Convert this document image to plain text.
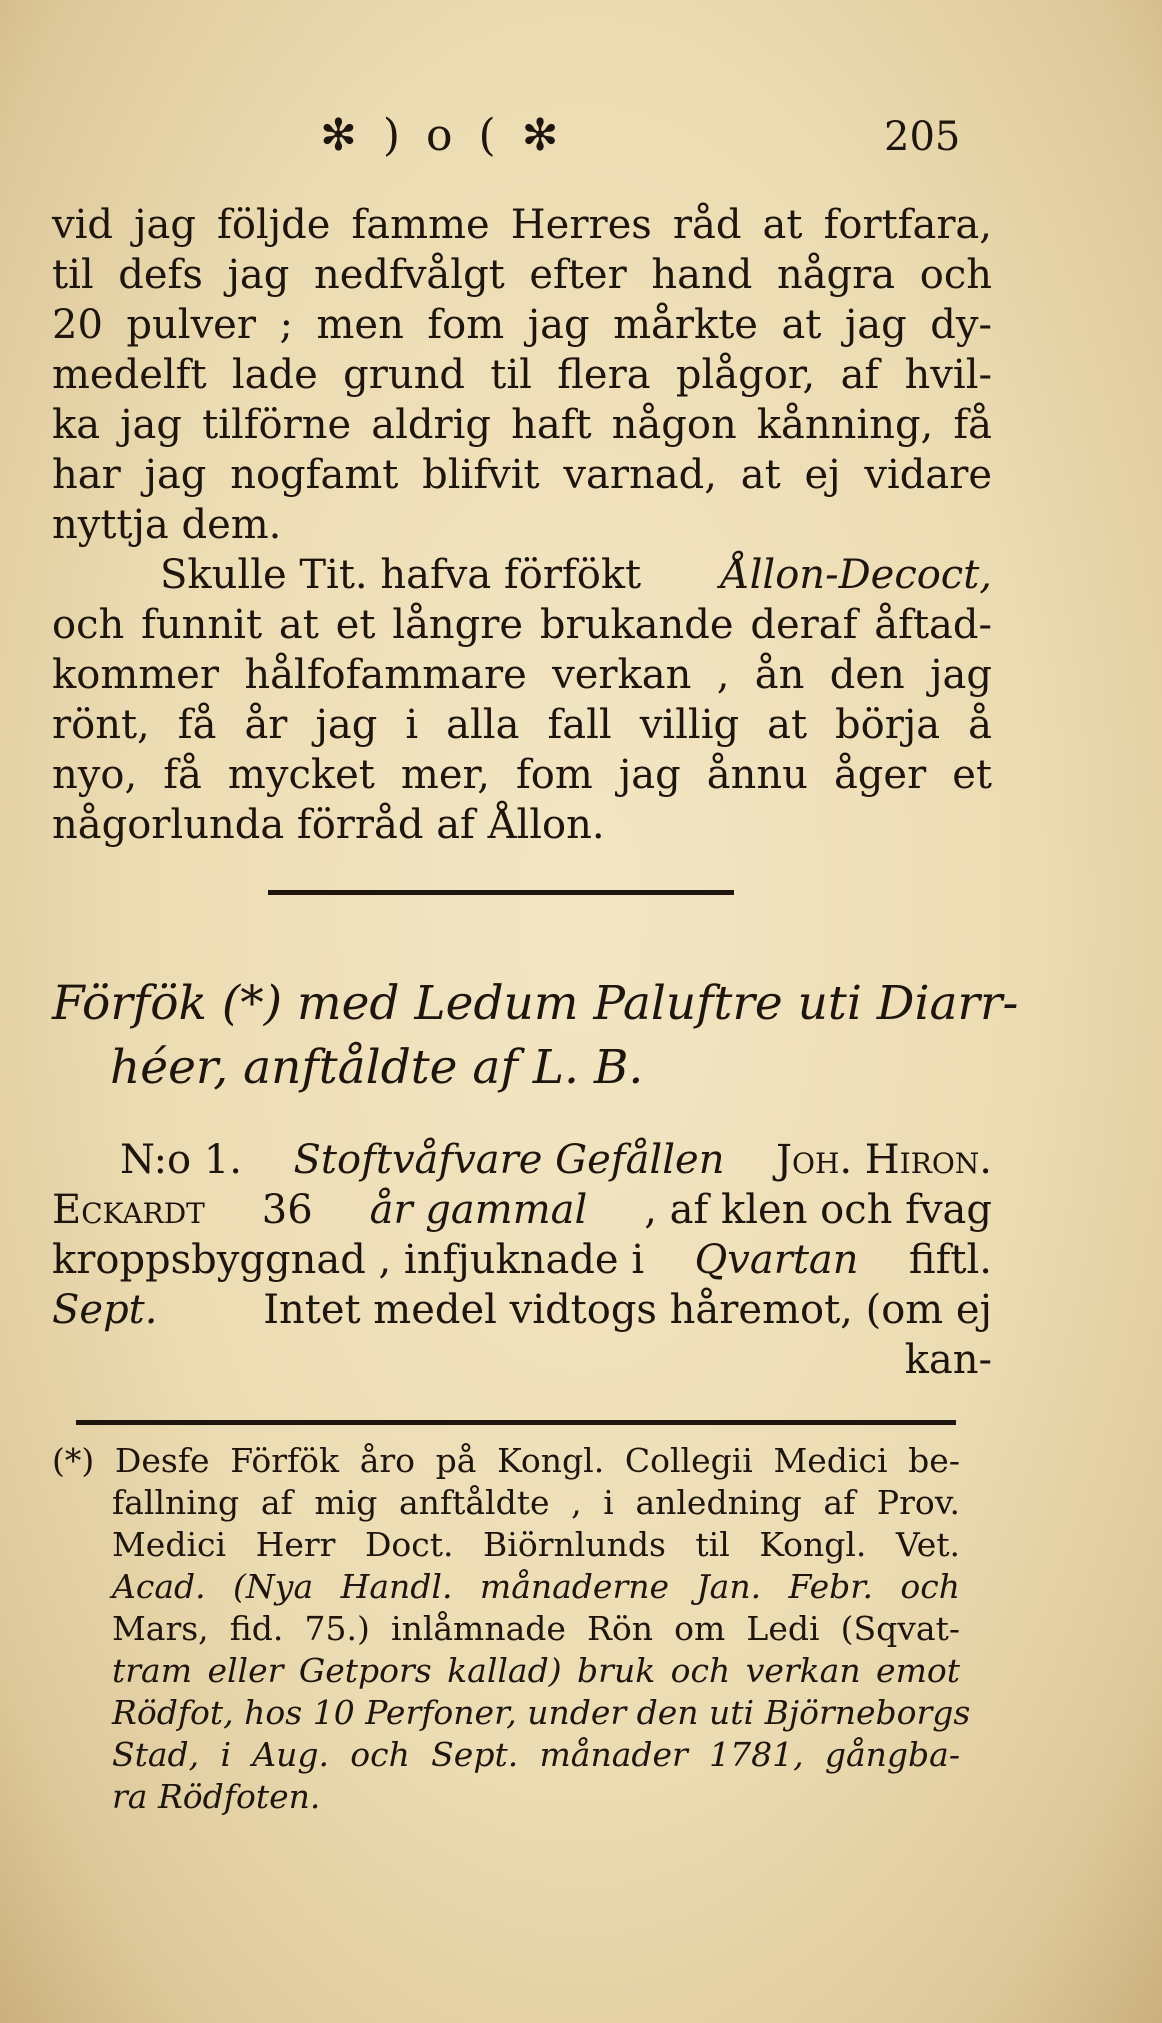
✻ ) o ( ✻	205
vid jag följde famme Herres råd at fortfara,
til defs jag nedfvålgt efter hand några och
20 pulver ; men fom jag mårkte at jag dy-
medelft lade grund til flera plågor, af hvil-
ka jag tilförne aldrig haft någon kånning, få
har jag nogfamt blifvit varnad, at ej vidare
nyttja dem.
Skulle Tit. hafva förfökt Ållon-Decoct,
och funnit at et långre brukande deraf åftad-
kommer hålfofammare verkan , ån den jag
rönt, få år jag i alla fall villig at börja å
nyo, få mycket mer, fom jag ånnu åger et
någorlunda förråd af Ållon.
Förfök (*) med Ledum Paluftre uti Diarr-
héer, anftåldte af L. B.
N:o 1. Stoftvåfvare Gefållen Joh. Hiron.
Eckardt 36 år gammal , af klen och fvag
kroppsbyggnad , infjuknade i Qvartan fiftl.
Sept.	Intet medel vidtogs håremot, (om ej
kan-
(*) Desfe Förfök åro på Kongl. Collegii Medici be-
fallning af mig anftåldte , i anledning af Prov.
Medici Herr Doct. Biörnlunds til Kongl. Vet.
Acad. (Nya Handl. månaderne Jan. Febr. och
Mars, fid. 75.) inlåmnade Rön om Ledi (Sqvat-
tram eller Getpors kallad) bruk och verkan emot
Rödfot, hos 10 Perfoner, under den uti Björneborgs
Stad, i Aug. och Sept. månader 1781, gångba-
ra Rödfoten.
